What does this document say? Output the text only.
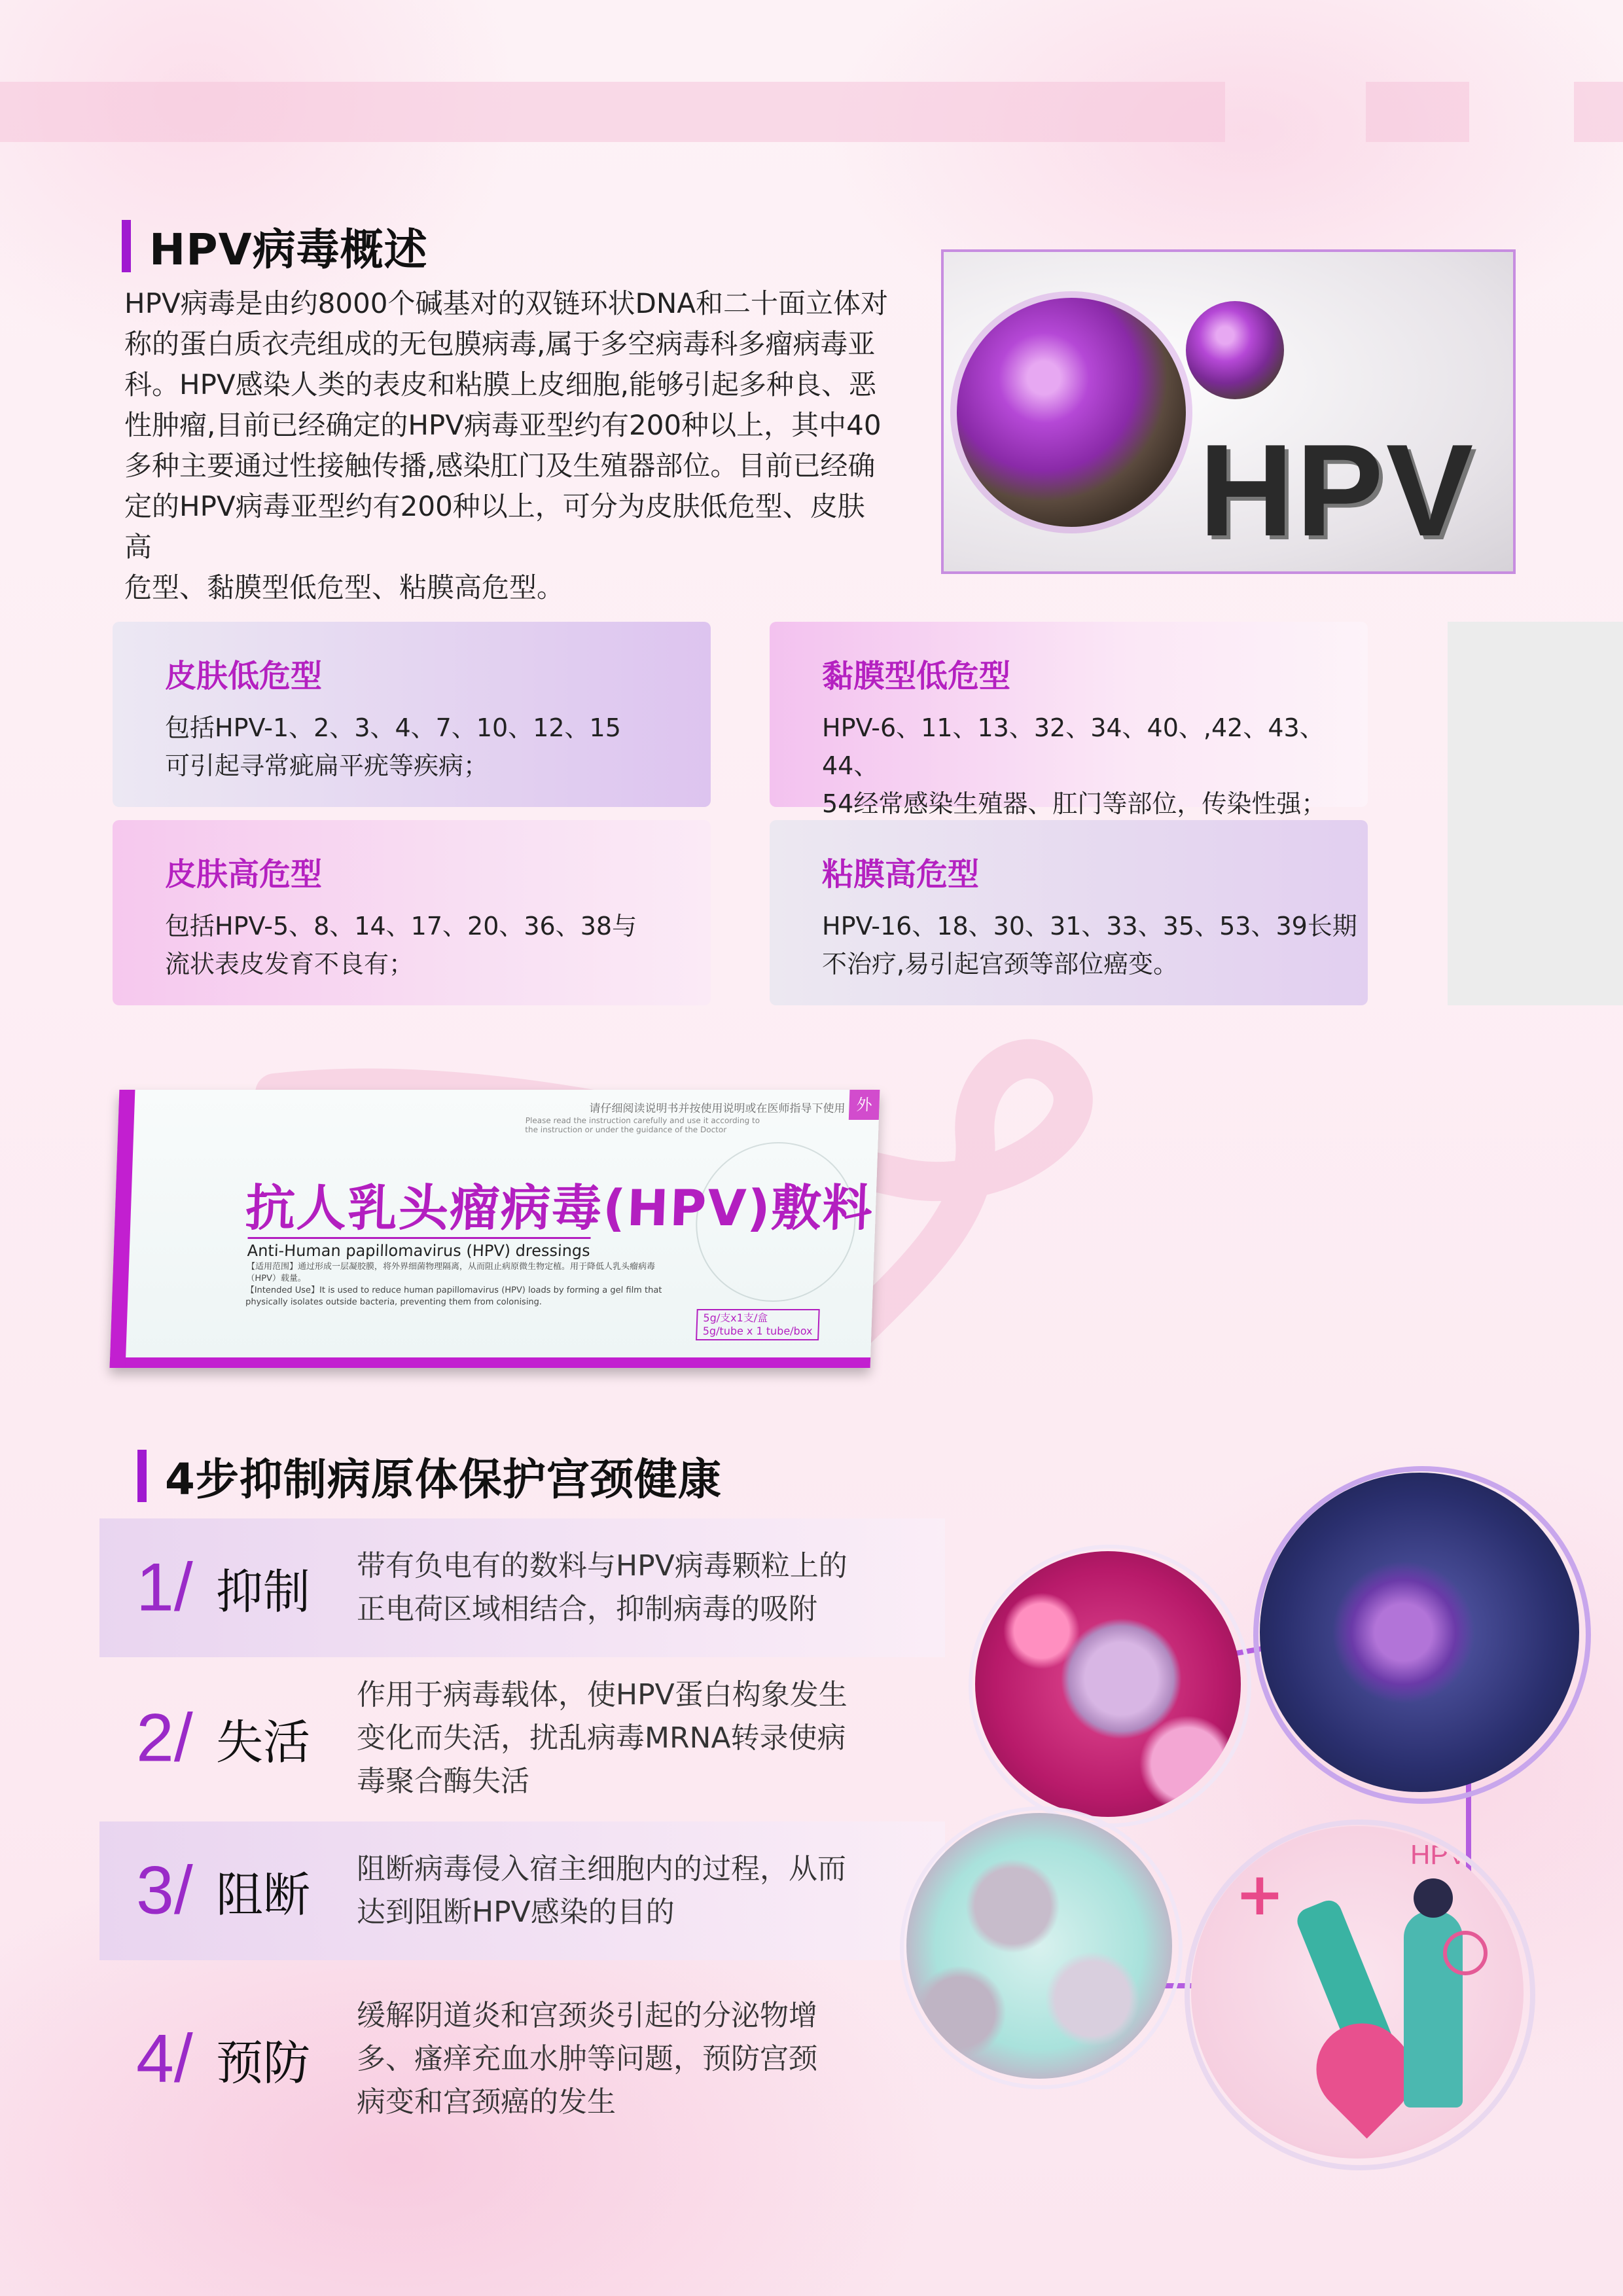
HPV病毒概述
HPV病毒是由约8000个碱基对的双链环状DNA和二十面立体对
称的蛋白质衣壳组成的无包膜病毒,属于多空病毒科多瘤病毒亚
科。HPV感染人类的表皮和粘膜上皮细胞,能够引起多种良、恶
性肿瘤,目前已经确定的HPV病毒亚型约有200种以上，其中40
多种主要通过性接触传播,感染肛门及生殖器部位。目前已经确
定的HPV病毒亚型约有200种以上，可分为皮肤低危型、皮肤高
危型、黏膜型低危型、粘膜高危型。
HPV
皮肤低危型
包括HPV-1、2、3、4、7、10、12、15
可引起寻常疵扁平疣等疾病；
黏膜型低危型
HPV-6、11、13、32、34、40、,42、43、44、
54经常感染生殖器、肛门等部位，传染性强；
皮肤高危型
包括HPV-5、8、14、17、20、36、38与
流状表皮发育不良有；
粘膜高危型
HPV-16、18、30、31、33、35、53、39长期
不治疗,易引起宫颈等部位癌变。
外
请仔细阅读说明书并按使用说明或在医师指导下使用
Please read the instruction carefully and use it according to the instruction or under the guidance of the Doctor
抗人乳头瘤病毒(HPV)敷料
Anti-Human papillomavirus (HPV) dressings
【适用范围】通过形成一层凝胶膜，将外界细菌物理隔离，从而阻止病原微生物定植。用于降低人乳头瘤病毒（HPV）载量。
【Intended Use】It is used to reduce human papillomavirus (HPV) loads by forming a gel film that physically isolates outside bacteria, preventing them from colonising.
5g/支x1支/盒
5g/tube x 1 tube/box
4步抑制病原体保护宫颈健康
1/ 抑制 带有负电有的数料与HPV病毒颗粒上的
正电荷区域相结合，抑制病毒的吸附
2/ 失活
作用于病毒载体，使HPV蛋白构象发生
变化而失活，扰乱病毒MRNA转录使病
毒聚合酶失活
3/ 阻断 阻断病毒侵入宿主细胞内的过程，从而
达到阻断HPV感染的目的
4/ 预防
缓解阴道炎和宫颈炎引起的分泌物增
多、瘙痒充血水肿等问题，预防宫颈
病变和宫颈癌的发生
+
HPV
